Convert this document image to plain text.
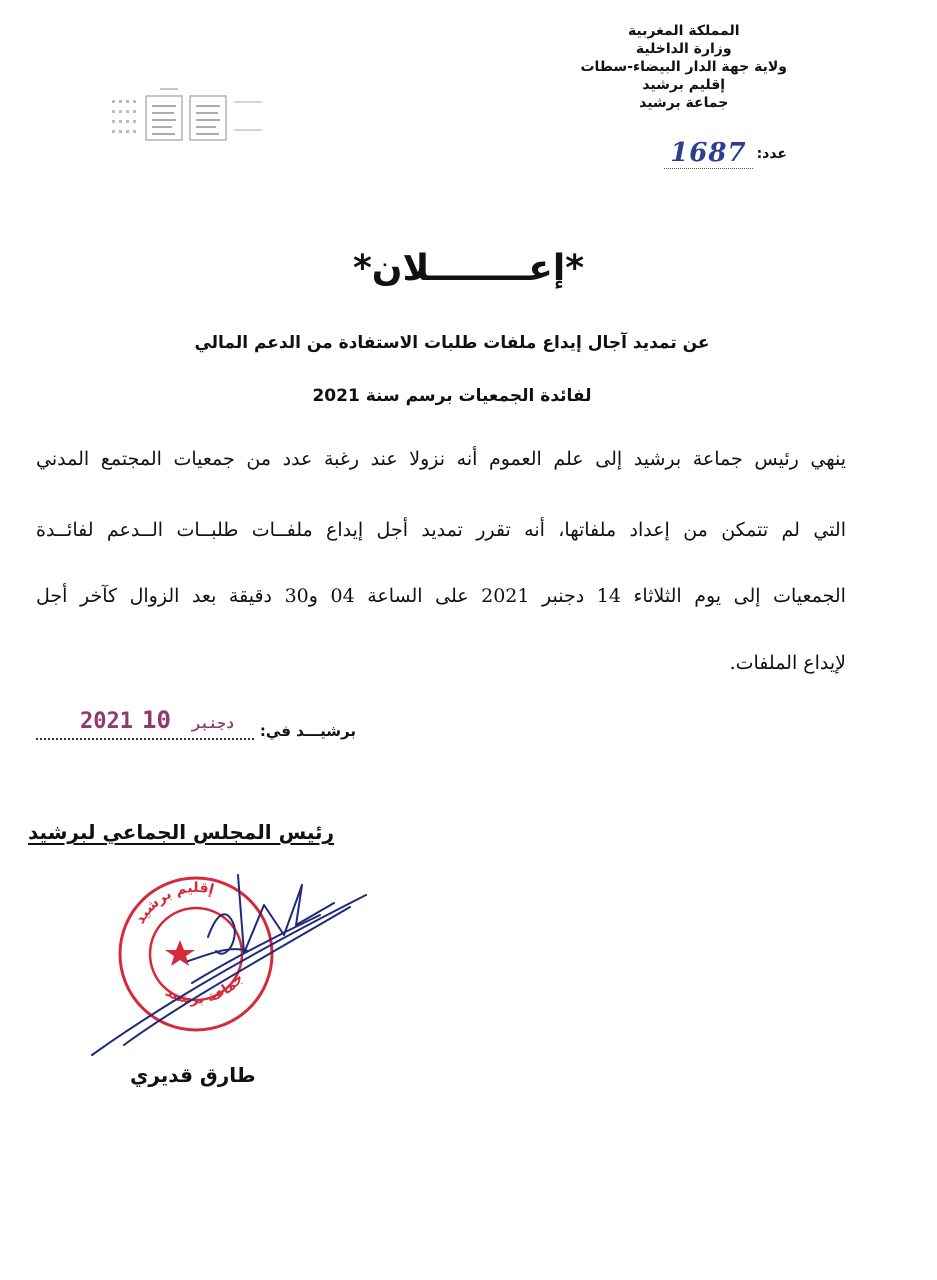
المملكة المغربية
وزارة الداخلية
ولاية جهة الدار البيضاء-سطات
إقليم برشيد
جماعة برشيد
عدد:
1687
*إعــــــــلان*
عن تمديد آجال إيداع ملفات طلبات الاستفادة من الدعم المالي
لفائدة الجمعيات برسم سنة 2021
ينهي رئيس جماعة برشيد إلى علم العموم أنه نزولا عند رغبة عدد من جمعيات المجتمع المدني
التي لم تتمكن من إعداد ملفاتها، أنه تقرر تمديد أجل إيداع ملفــات طلبــات الــدعم لفائــدة
الجمعيات إلى يوم الثلاثاء 14 دجنبر 2021 على الساعة 04 و30 دقيقة بعد الزوال كآخر أجل
لإيداع الملفات.
برشيـــد في:
2021	دجنبر 10
رئيس المجلس الجماعي لبرشيد
إقليم برشيد
جماعة برشيد
طارق قديري
